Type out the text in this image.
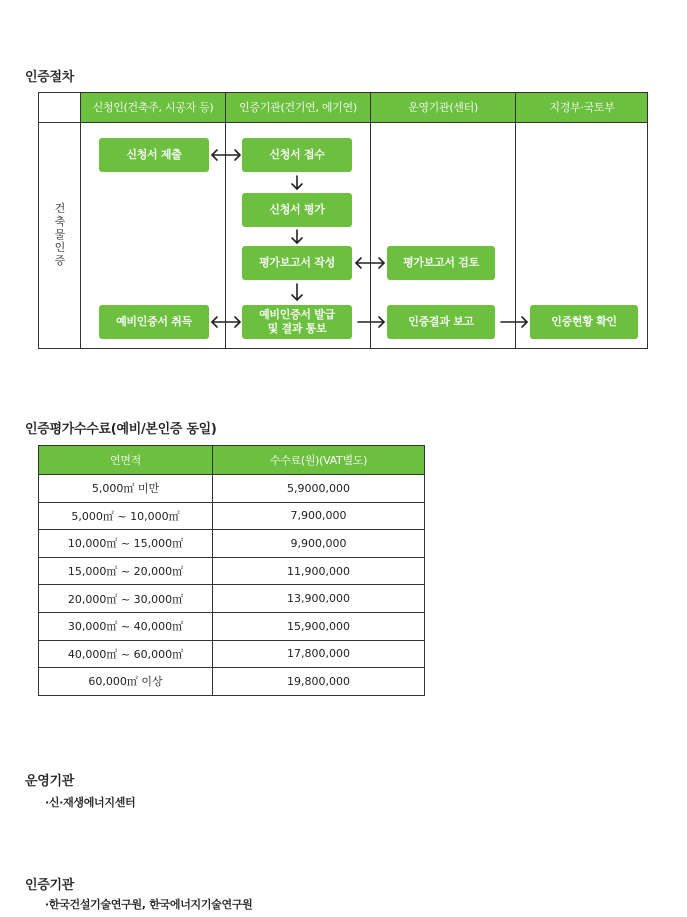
인증절차
신청인(건축주, 시공자 등)	인증기관(건기연, 에기연)	운영기관(센터)	지경부·국토부
건축물인증
신청서 제출	신청서 접수
신청서 평가
평가보고서 작성	평가보고서 검토
예비인증서 취득
예비인증서 발급
및 결과 통보
인증결과 보고	인증현황 확인
인증평가수수료(예비/본인증 동일)
연면적	수수료(원)(VAT별도)
5,000㎡ 미만	5,9000,000
5,000㎡ ~ 10,000㎡	7,900,000
10,000㎡ ~ 15,000㎡	9,900,000
15,000㎡ ~ 20,000㎡	11,900,000
20,000㎡ ~ 30,000㎡	13,900,000
30,000㎡ ~ 40,000㎡	15,900,000
40,000㎡ ~ 60,000㎡	17,800,000
60,000㎡ 이상	19,800,000
운영기관
·신·재생에너지센터
인증기관
·한국건설기술연구원, 한국에너지기술연구원
